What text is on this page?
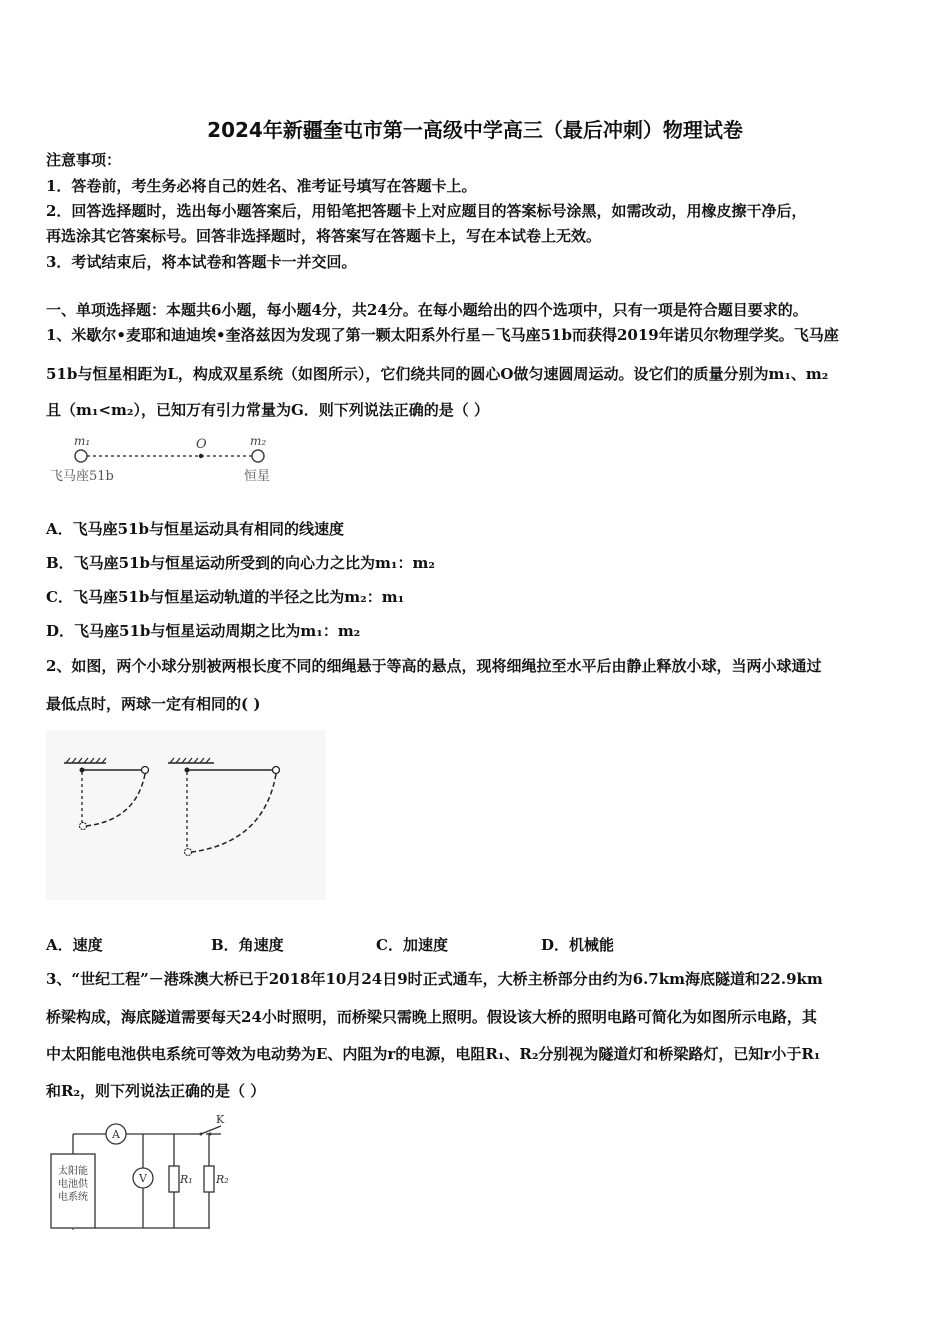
2024年新疆奎屯市第一高级中学高三（最后冲刺）物理试卷
注意事项：
1．答卷前，考生务必将自己的姓名、准考证号填写在答题卡上。
2．回答选择题时，选出每小题答案后，用铅笔把答题卡上对应题目的答案标号涂黑，如需改动，用橡皮擦干净后，
再选涂其它答案标号。回答非选择题时，将答案写在答题卡上，写在本试卷上无效。
3．考试结束后，将本试卷和答题卡一并交回。
一、单项选择题：本题共6小题，每小题4分，共24分。在每小题给出的四个选项中，只有一项是符合题目要求的。
1、米歇尔•麦耶和迪迪埃•奎洛兹因为发现了第一颗太阳系外行星－飞马座51b而获得2019年诺贝尔物理学奖。飞马座
51b与恒星相距为L，构成双星系统（如图所示），它们绕共同的圆心O做匀速圆周运动。设它们的质量分别为m₁、m₂
且（m₁<m₂），已知万有引力常量为G．则下列说法正确的是（ ）
m₁	O	m₂
飞马座51b	恒星
A．飞马座51b与恒星运动具有相同的线速度
B．飞马座51b与恒星运动所受到的向心力之比为m₁：m₂
C．飞马座51b与恒星运动轨道的半径之比为m₂：m₁
D．飞马座51b与恒星运动周期之比为m₁：m₂
2、如图，两个小球分别被两根长度不同的细绳悬于等高的悬点，现将细绳拉至水平后由静止释放小球，当两小球通过
最低点时，两球一定有相同的( )
A．速度	B．角速度	C．加速度	D．机械能
3、“世纪工程”－港珠澳大桥已于2018年10月24日9时正式通车，大桥主桥部分由约为6.7km海底隧道和22.9km
桥梁构成，海底隧道需要每天24小时照明，而桥梁只需晚上照明。假设该大桥的照明电路可简化为如图所示电路，其
中太阳能电池供电系统可等效为电动势为E、内阻为r的电源，电阻R₁、R₂分别视为隧道灯和桥梁路灯，已知r小于R₁
和R₂，则下列说法正确的是（ ）
太阳能
电池供
电系统
K
A
V	R₁ R₂
